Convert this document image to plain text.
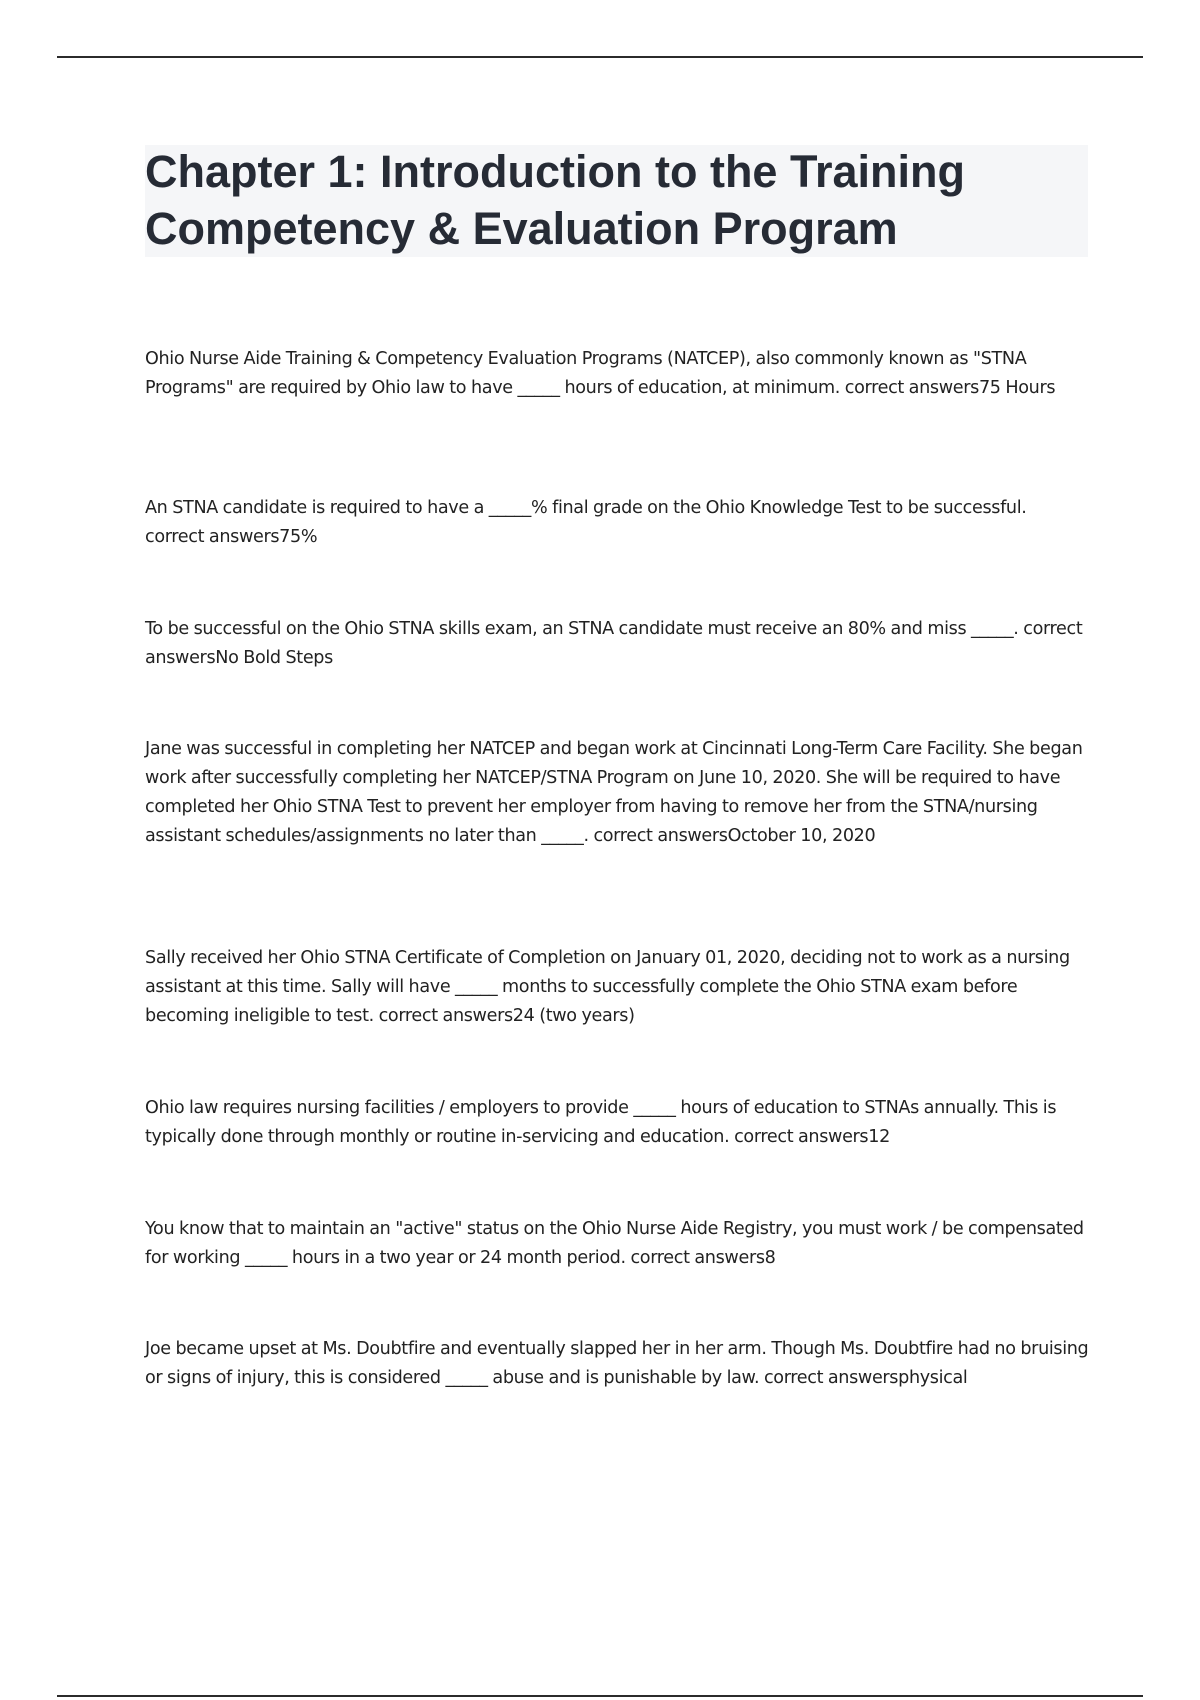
Chapter 1: Introduction to the Training Competency & Evaluation Program

Ohio Nurse Aide Training & Competency Evaluation Programs (NATCEP), also commonly known as "STNA Programs" are required by Ohio law to have _____ hours of education, at minimum. correct answers75 Hours

An STNA candidate is required to have a _____% final grade on the Ohio Knowledge Test to be successful. correct answers75%

To be successful on the Ohio STNA skills exam, an STNA candidate must receive an 80% and miss _____. correct answersNo Bold Steps

Jane was successful in completing her NATCEP and began work at Cincinnati Long-Term Care Facility. She began work after successfully completing her NATCEP/STNA Program on June 10, 2020. She will be required to have completed her Ohio STNA Test to prevent her employer from having to remove her from the STNA/nursing assistant schedules/assignments no later than _____. correct answersOctober 10, 2020

Sally received her Ohio STNA Certificate of Completion on January 01, 2020, deciding not to work as a nursing assistant at this time. Sally will have _____ months to successfully complete the Ohio STNA exam before becoming ineligible to test. correct answers24 (two years)

Ohio law requires nursing facilities / employers to provide _____ hours of education to STNAs annually. This is typically done through monthly or routine in-servicing and education. correct answers12

You know that to maintain an "active" status on the Ohio Nurse Aide Registry, you must work / be compensated for working _____ hours in a two year or 24 month period. correct answers8

Joe became upset at Ms. Doubtfire and eventually slapped her in her arm. Though Ms. Doubtfire had no bruising or signs of injury, this is considered _____ abuse and is punishable by law. correct answersphysical
